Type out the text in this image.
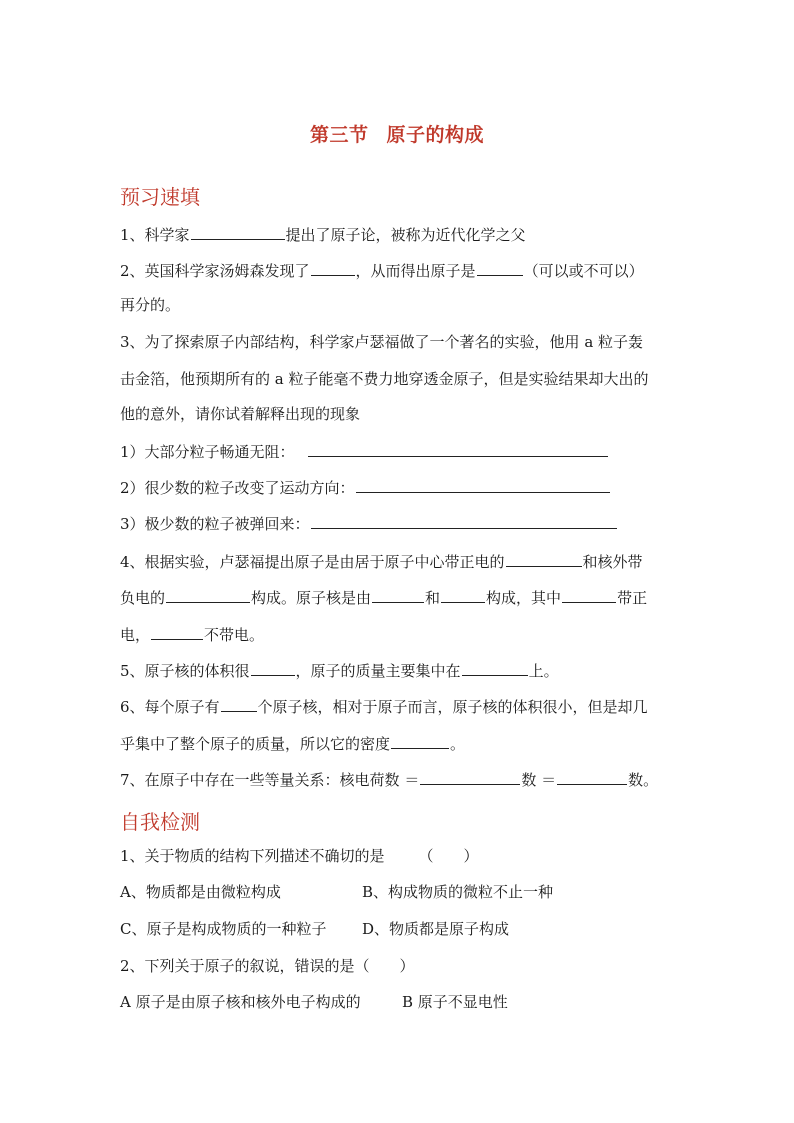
第三节 原子的构成
预习速填
1、科学家	提出了原子论，被称为近代化学之父
2、英国科学家汤姆森发现了	，从而得出原子是	（可以或不可以）
再分的。
3、为了探索原子内部结构，科学家卢瑟福做了一个著名的实验，他用 a 粒子轰
击金箔，他预期所有的 a 粒子能毫不费力地穿透金原子，但是实验结果却大出的
他的意外，请你试着解释出现的现象
1）大部分粒子畅通无阻：
2）很少数的粒子改变了运动方向：
3）极少数的粒子被弹回来：
4、根据实验，卢瑟福提出原子是由居于原子中心带正电的	和核外带
负电的	构成。原子核是由	和	构成，其中	带正
电，	不带电。
5、原子核的体积很	，原子的质量主要集中在	上。
6、每个原子有	个原子核，相对于原子而言，原子核的体积很小，但是却几
乎集中了整个原子的质量，所以它的密度	。
7、在原子中存在一些等量关系：核电荷数 ＝	数 ＝	数。
自我检测
1、关于物质的结构下列描述不确切的是 （　　）
A、物质都是由微粒构成	B、构成物质的微粒不止一种
C、原子是构成物质的一种粒子 D、物质都是原子构成
2、下列关于原子的叙说，错误的是（　　）
A 原子是由原子核和核外电子构成的	B 原子不显电性
